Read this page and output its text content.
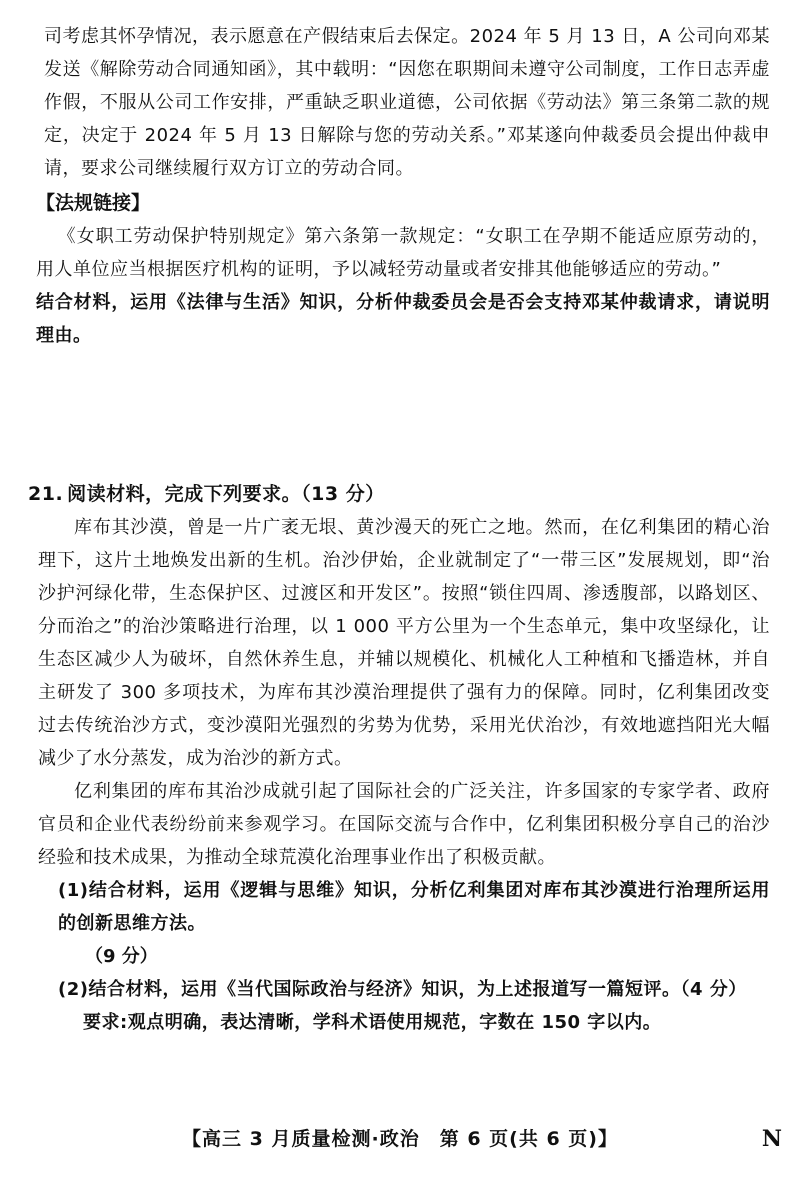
司考虑其怀孕情况，表示愿意在产假结束后去保定。2024 年 5 月 13 日，A 公司向邓某发送《解除劳动合同通知函》，其中载明：“因您在职期间未遵守公司制度，工作日志弄虚作假，不服从公司工作安排，严重缺乏职业道德，公司依据《劳动法》第三条第二款的规定，决定于 2024 年 5 月 13 日解除与您的劳动关系。”邓某遂向仲裁委员会提出仲裁申请，要求公司继续履行双方订立的劳动合同。

【法规链接】

《女职工劳动保护特别规定》第六条第一款规定：“女职工在孕期不能适应原劳动的，用人单位应当根据医疗机构的证明，予以减轻劳动量或者安排其他能够适应的劳动。”

结合材料，运用《法律与生活》知识，分析仲裁委员会是否会支持邓某仲裁请求，请说明理由。

21. 阅读材料，完成下列要求。（13 分）

库布其沙漠，曾是一片广袤无垠、黄沙漫天的死亡之地。然而，在亿利集团的精心治理下，这片土地焕发出新的生机。治沙伊始，企业就制定了“一带三区”发展规划，即“治沙护河绿化带，生态保护区、过渡区和开发区”。按照“锁住四周、渗透腹部，以路划区、分而治之”的治沙策略进行治理，以 1 000 平方公里为一个生态单元，集中攻坚绿化，让生态区减少人为破坏，自然休养生息，并辅以规模化、机械化人工种植和飞播造林，并自主研发了 300 多项技术，为库布其沙漠治理提供了强有力的保障。同时，亿利集团改变过去传统治沙方式，变沙漠阳光强烈的劣势为优势，采用光伏治沙，有效地遮挡阳光大幅减少了水分蒸发，成为治沙的新方式。

亿利集团的库布其治沙成就引起了国际社会的广泛关注，许多国家的专家学者、政府官员和企业代表纷纷前来参观学习。在国际交流与合作中，亿利集团积极分享自己的治沙经验和技术成果，为推动全球荒漠化治理事业作出了积极贡献。

(1)结合材料，运用《逻辑与思维》知识，分析亿利集团对库布其沙漠进行治理所运用的创新思维方法。

（9 分）

(2)结合材料，运用《当代国际政治与经济》知识，为上述报道写一篇短评。（4 分）

要求:观点明确，表达清晰，学科术语使用规范，字数在 150 字以内。

【高三 3 月质量检测·政治　第 6 页(共 6 页)】	N
